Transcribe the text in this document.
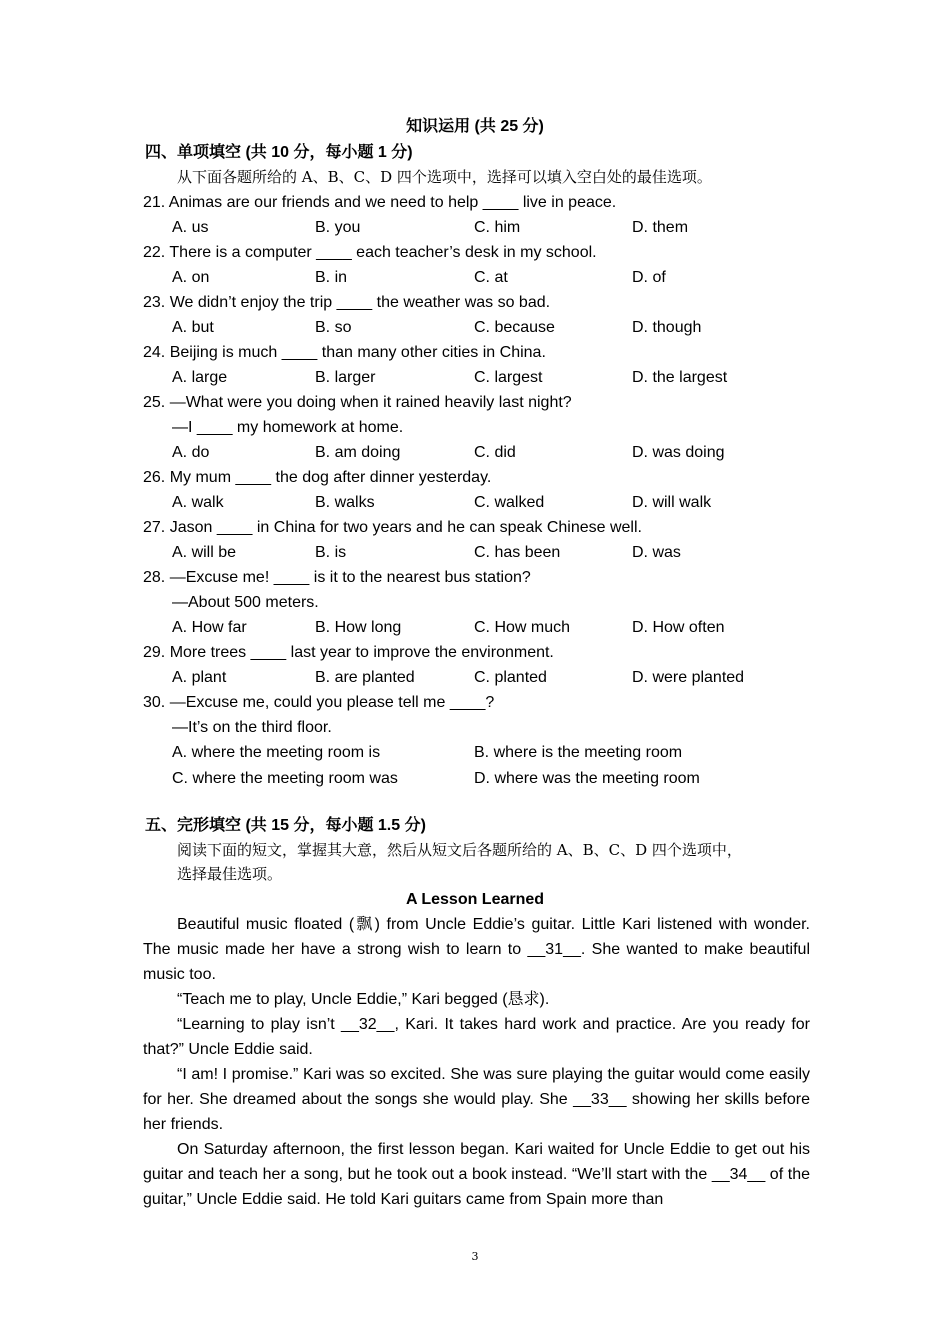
知识运用 (共 25 分)
四、单项填空 (共 10 分，每小题 1 分)
从下面各题所给的 A、B、C、D 四个选项中，选择可以填入空白处的最佳选项。
21. Animas are our friends and we need to help ____ live in peace.
A. us	B. you	C. him	D. them
22. There is a computer ____ each teacher’s desk in my school.
A. on	B. in	C. at	D. of
23. We didn’t enjoy the trip ____ the weather was so bad.
A. but	B. so	C. because	D. though
24. Beijing is much ____ than many other cities in China.
A. large	B. larger	C. largest	D. the largest
25. —What were you doing when it rained heavily last night?
—I ____ my homework at home.
A. do	B. am doing	C. did	D. was doing
26. My mum ____ the dog after dinner yesterday.
A. walk	B. walks	C. walked	D. will walk
27. Jason ____ in China for two years and he can speak Chinese well.
A. will be	B. is	C. has been	D. was
28. —Excuse me! ____ is it to the nearest bus station?
—About 500 meters.
A. How far	B. How long	C. How much	D. How often
29. More trees ____ last year to improve the environment.
A. plant	B. are planted	C. planted	D. were planted
30. —Excuse me, could you please tell me ____?
—It’s on the third floor.
A. where the meeting room is	B. where is the meeting room
C. where the meeting room was	D. where was the meeting room
五、完形填空 (共 15 分，每小题 1.5 分)
阅读下面的短文，掌握其大意，然后从短文后各题所给的 A、B、C、D 四个选项中，
选择最佳选项。
A Lesson Learned

Beautiful music floated (飘) from Uncle Eddie’s guitar. Little Kari listened with wonder. The music made her have a strong wish to learn to __31__. She wanted to make beautiful music too.

“Teach me to play, Uncle Eddie,” Kari begged (恳求).

“Learning to play isn’t __32__, Kari. It takes hard work and practice. Are you ready for that?” Uncle Eddie said.

“I am! I promise.” Kari was so excited. She was sure playing the guitar would come easily for her. She dreamed about the songs she would play. She __33__ showing her skills before her friends.

On Saturday afternoon, the first lesson began. Kari waited for Uncle Eddie to get out his guitar and teach her a song, but he took out a book instead. “We’ll start with the __34__ of the guitar,” Uncle Eddie said. He told Kari guitars came from Spain more than

3
